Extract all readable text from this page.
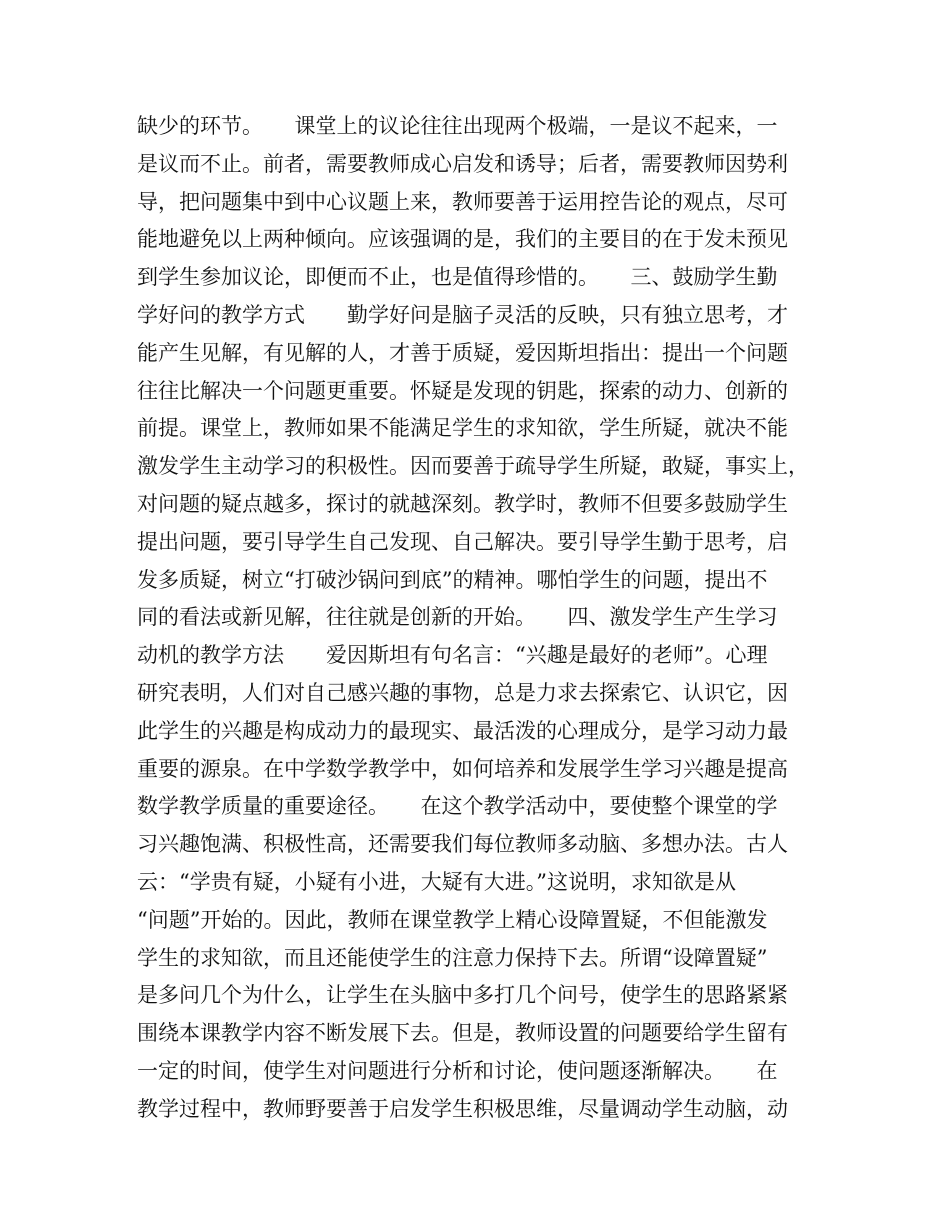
缺少的环节。　　课堂上的议论往往出现两个极端，一是议不起来，一
是议而不止。前者，需要教师成心启发和诱导；后者，需要教师因势利
导，把问题集中到中心议题上来，教师要善于运用控告论的观点，尽可
能地避免以上两种倾向。应该强调的是，我们的主要目的在于发未预见
到学生参加议论，即便而不止，也是值得珍惜的。　　三、鼓励学生勤
学好问的教学方式　　勤学好问是脑子灵活的反映，只有独立思考，才
能产生见解，有见解的人，才善于质疑，爱因斯坦指出：提出一个问题
往往比解决一个问题更重要。怀疑是发现的钥匙，探索的动力、创新的
前提。课堂上，教师如果不能满足学生的求知欲，学生所疑，就决不能
激发学生主动学习的积极性。因而要善于疏导学生所疑，敢疑，事实上，
对问题的疑点越多，探讨的就越深刻。教学时，教师不但要多鼓励学生
提出问题，要引导学生自己发现、自己解决。要引导学生勤于思考，启
发多质疑，树立“打破沙锅问到底”的精神。哪怕学生的问题，提出不
同的看法或新见解，往往就是创新的开始。　　四、激发学生产生学习
动机的教学方法　　爱因斯坦有句名言：“兴趣是最好的老师”。心理
研究表明，人们对自己感兴趣的事物，总是力求去探索它、认识它，因
此学生的兴趣是构成动力的最现实、最活泼的心理成分，是学习动力最
重要的源泉。在中学数学教学中，如何培养和发展学生学习兴趣是提高
数学教学质量的重要途径。　　在这个教学活动中，要使整个课堂的学
习兴趣饱满、积极性高，还需要我们每位教师多动脑、多想办法。古人
云：“学贵有疑，小疑有小进，大疑有大进。”这说明，求知欲是从
“问题”开始的。因此，教师在课堂教学上精心设障置疑，不但能激发
学生的求知欲，而且还能使学生的注意力保持下去。所谓“设障置疑”
是多问几个为什么，让学生在头脑中多打几个问号，使学生的思路紧紧
围绕本课教学内容不断发展下去。但是，教师设置的问题要给学生留有
一定的时间，使学生对问题进行分析和讨论，使问题逐渐解决。　　在
教学过程中，教师野要善于启发学生积极思维，尽量调动学生动脑，动
